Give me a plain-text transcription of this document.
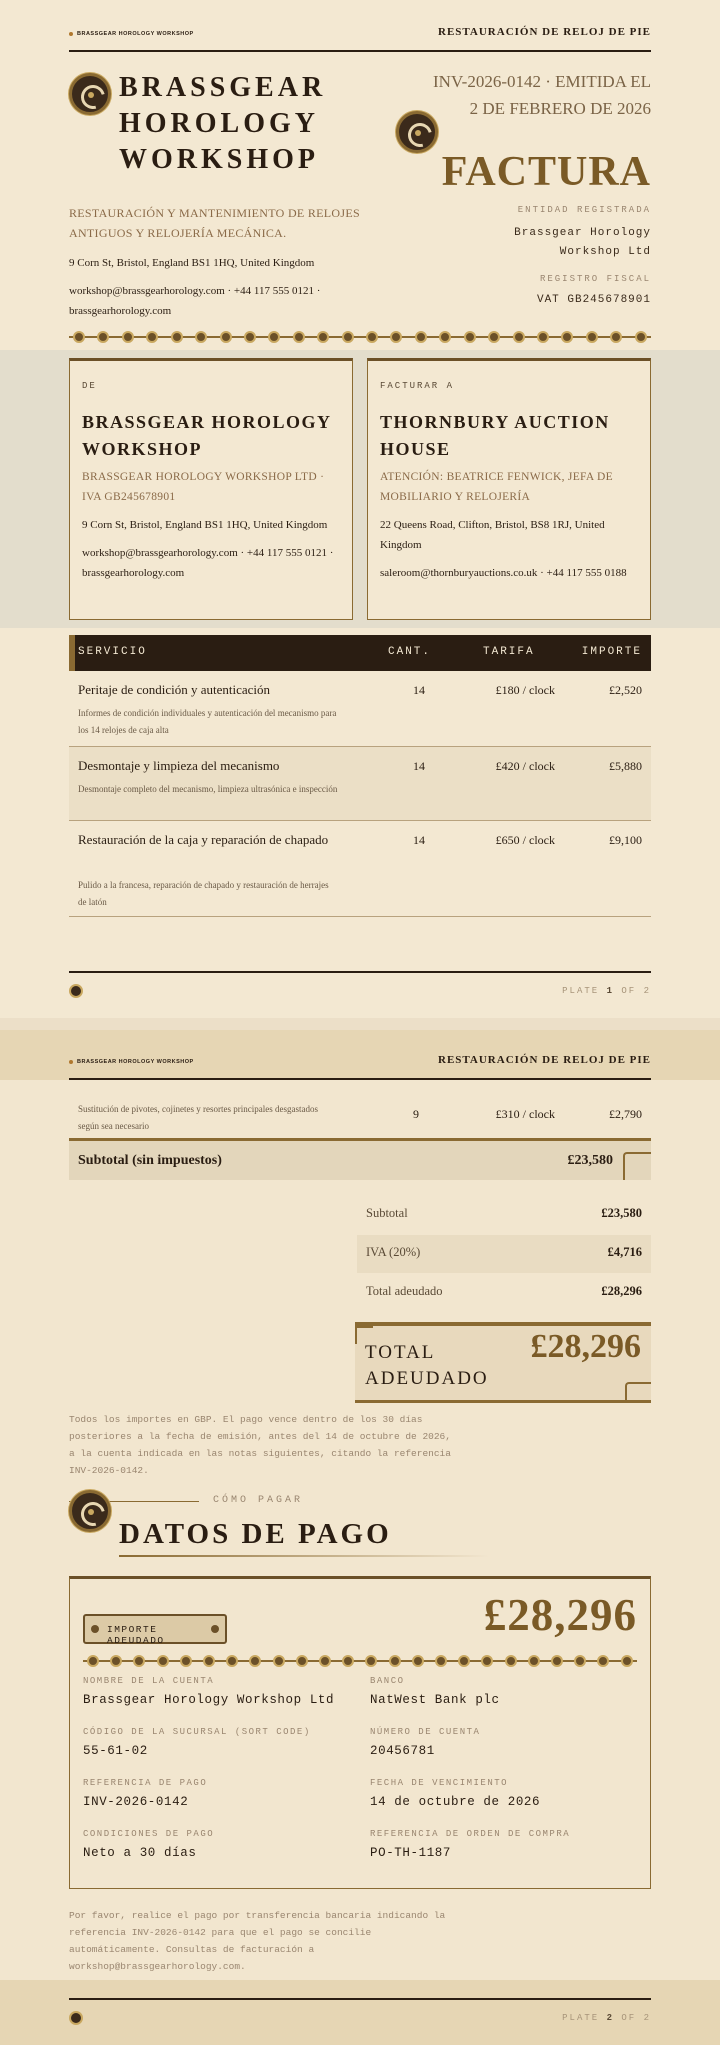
BRASSGEAR HOROLOGY WORKSHOP	RESTAURACIÓN DE RELOJ DE PIE
BRASSGEAR HOROLOGY WORKSHOP
RESTAURACIÓN Y MANTENIMIENTO DE RELOJES ANTIGUOS Y RELOJERÍA MECÁNICA.
9 Corn St, Bristol, England BS1 1HQ, United Kingdom
workshop@brassgearhorology.com · +44 117 555 0121 · brassgearhorology.com
INV-2026-0142 · EMITIDA EL 2 DE FEBRERO DE 2026
FACTURA
ENTIDAD REGISTRADA
Brassgear Horology Workshop Ltd
REGISTRO FISCAL
VAT GB245678901
DE
BRASSGEAR HOROLOGY WORKSHOP
BRASSGEAR HOROLOGY WORKSHOP LTD · IVA GB245678901
9 Corn St, Bristol, England BS1 1HQ, United Kingdom
workshop@brassgearhorology.com · +44 117 555 0121 · brassgearhorology.com
FACTURAR A
THORNBURY AUCTION HOUSE
ATENCIÓN: BEATRICE FENWICK, JEFA DE MOBILIARIO Y RELOJERÍA
22 Queens Road, Clifton, Bristol, BS8 1RJ, United Kingdom
saleroom@thornburyauctions.co.uk · +44 117 555 0188
SERVICIO	CANT.	TARIFA	IMPORTE
Peritaje de condición y autenticación
Informes de condición individuales y autenticación del mecanismo para los 14 relojes de caja alta
14	£180 / clock	£2,520
Desmontaje y limpieza del mecanismo
Desmontaje completo del mecanismo, limpieza ultrasónica e inspección
14	£420 / clock	£5,880
Restauración de la caja y reparación de chapado
Pulido a la francesa, reparación de chapado y restauración de herrajes de latón
14	£650 / clock	£9,100
PLATE 1 OF 2
BRASSGEAR HOROLOGY WORKSHOP	RESTAURACIÓN DE RELOJ DE PIE
Sustitución de pivotes, cojinetes y resortes principales desgastados según sea necesario
9	£310 / clock	£2,790
Subtotal (sin impuestos)	£23,580
Subtotal	£23,580
IVA (20%)	£4,716
Total adeudado	£28,296
TOTAL ADEUDADO
£28,296
Todos los importes en GBP. El pago vence dentro de los 30 días posteriores a la fecha de emisión, antes del 14 de octubre de 2026, a la cuenta indicada en las notas siguientes, citando la referencia INV-2026-0142.
CÓMO PAGAR
DATOS DE PAGO
IMPORTE ADEUDADO
£28,296
NOMBRE DE LA CUENTA
Brassgear Horology Workshop Ltd
BANCO
NatWest Bank plc
CÓDIGO DE LA SUCURSAL (SORT CODE)
55-61-02
NÚMERO DE CUENTA
20456781
REFERENCIA DE PAGO
INV-2026-0142
FECHA DE VENCIMIENTO
14 de octubre de 2026
CONDICIONES DE PAGO
Neto a 30 días
REFERENCIA DE ORDEN DE COMPRA
PO-TH-1187
Por favor, realice el pago por transferencia bancaria indicando la referencia INV-2026-0142 para que el pago se concilie automáticamente. Consultas de facturación a workshop@brassgearhorology.com.
PLATE 2 OF 2
